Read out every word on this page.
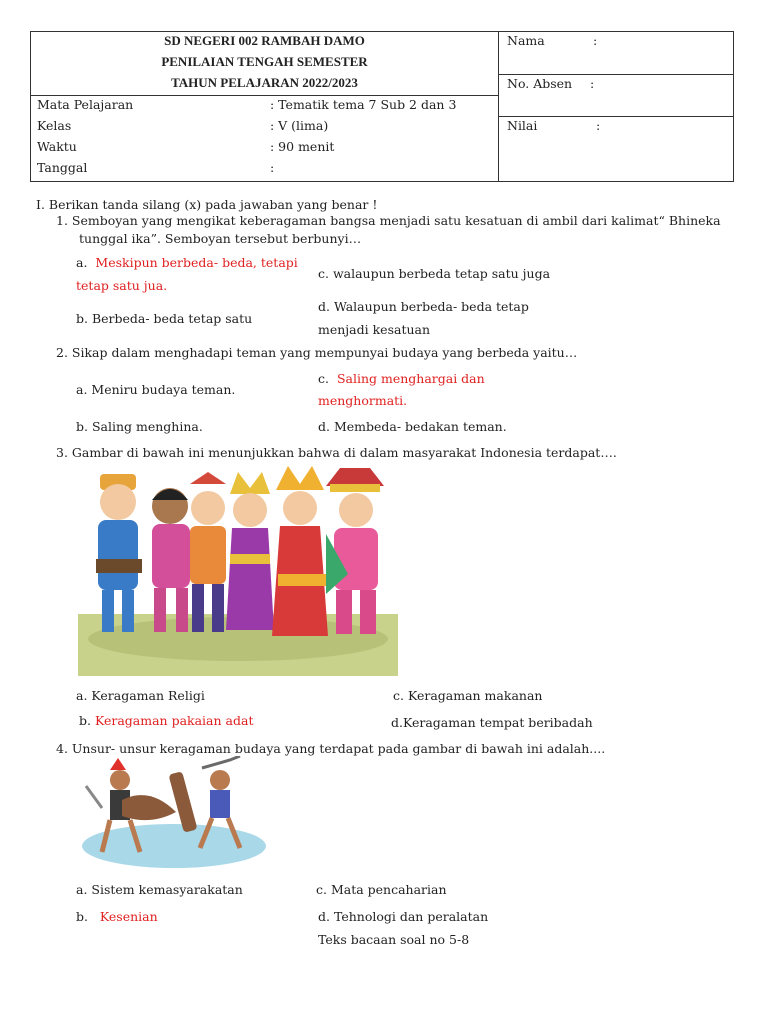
SD NEGERI 002 RAMBAH DAMO
PENILAIAN TENGAH SEMESTER
TAHUN PELAJARAN 2022/2023
Mata Pelajaran	: Tematik tema 7 Sub 2 dan 3
Kelas	: V (lima)
Waktu	: 90 menit
Tanggal	:
Nama	:
No. Absen :
Nilai	:
I. Berikan tanda silang (x) pada jawaban yang benar !
1. Semboyan yang mengikat keberagaman bangsa menjadi satu kesatuan di ambil dari kalimat“ Bhineka
tunggal ika”. Semboyan tersebut berbunyi…
a. Meskipun berbeda- beda, tetapi
tetap satu jua.
b. Berbeda- beda tetap satu
c. walaupun berbeda tetap satu juga
d. Walaupun berbeda- beda tetap
menjadi kesatuan
2. Sikap dalam menghadapi teman yang mempunyai budaya yang berbeda yaitu…
a. Meniru budaya teman.
b. Saling menghina.
c. Saling menghargai dan
menghormati.
d. Membeda- bedakan teman.
3. Gambar di bawah ini menunjukkan bahwa di dalam masyarakat Indonesia terdapat….
a. Keragaman Religi
b. Keragaman pakaian adat
c. Keragaman makanan
d.Keragaman tempat beribadah
4. Unsur- unsur keragaman budaya yang terdapat pada gambar di bawah ini adalah....
a. Sistem kemasyarakatan
b. Kesenian
c. Mata pencaharian
d. Tehnologi dan peralatan
Teks bacaan soal no 5-8
